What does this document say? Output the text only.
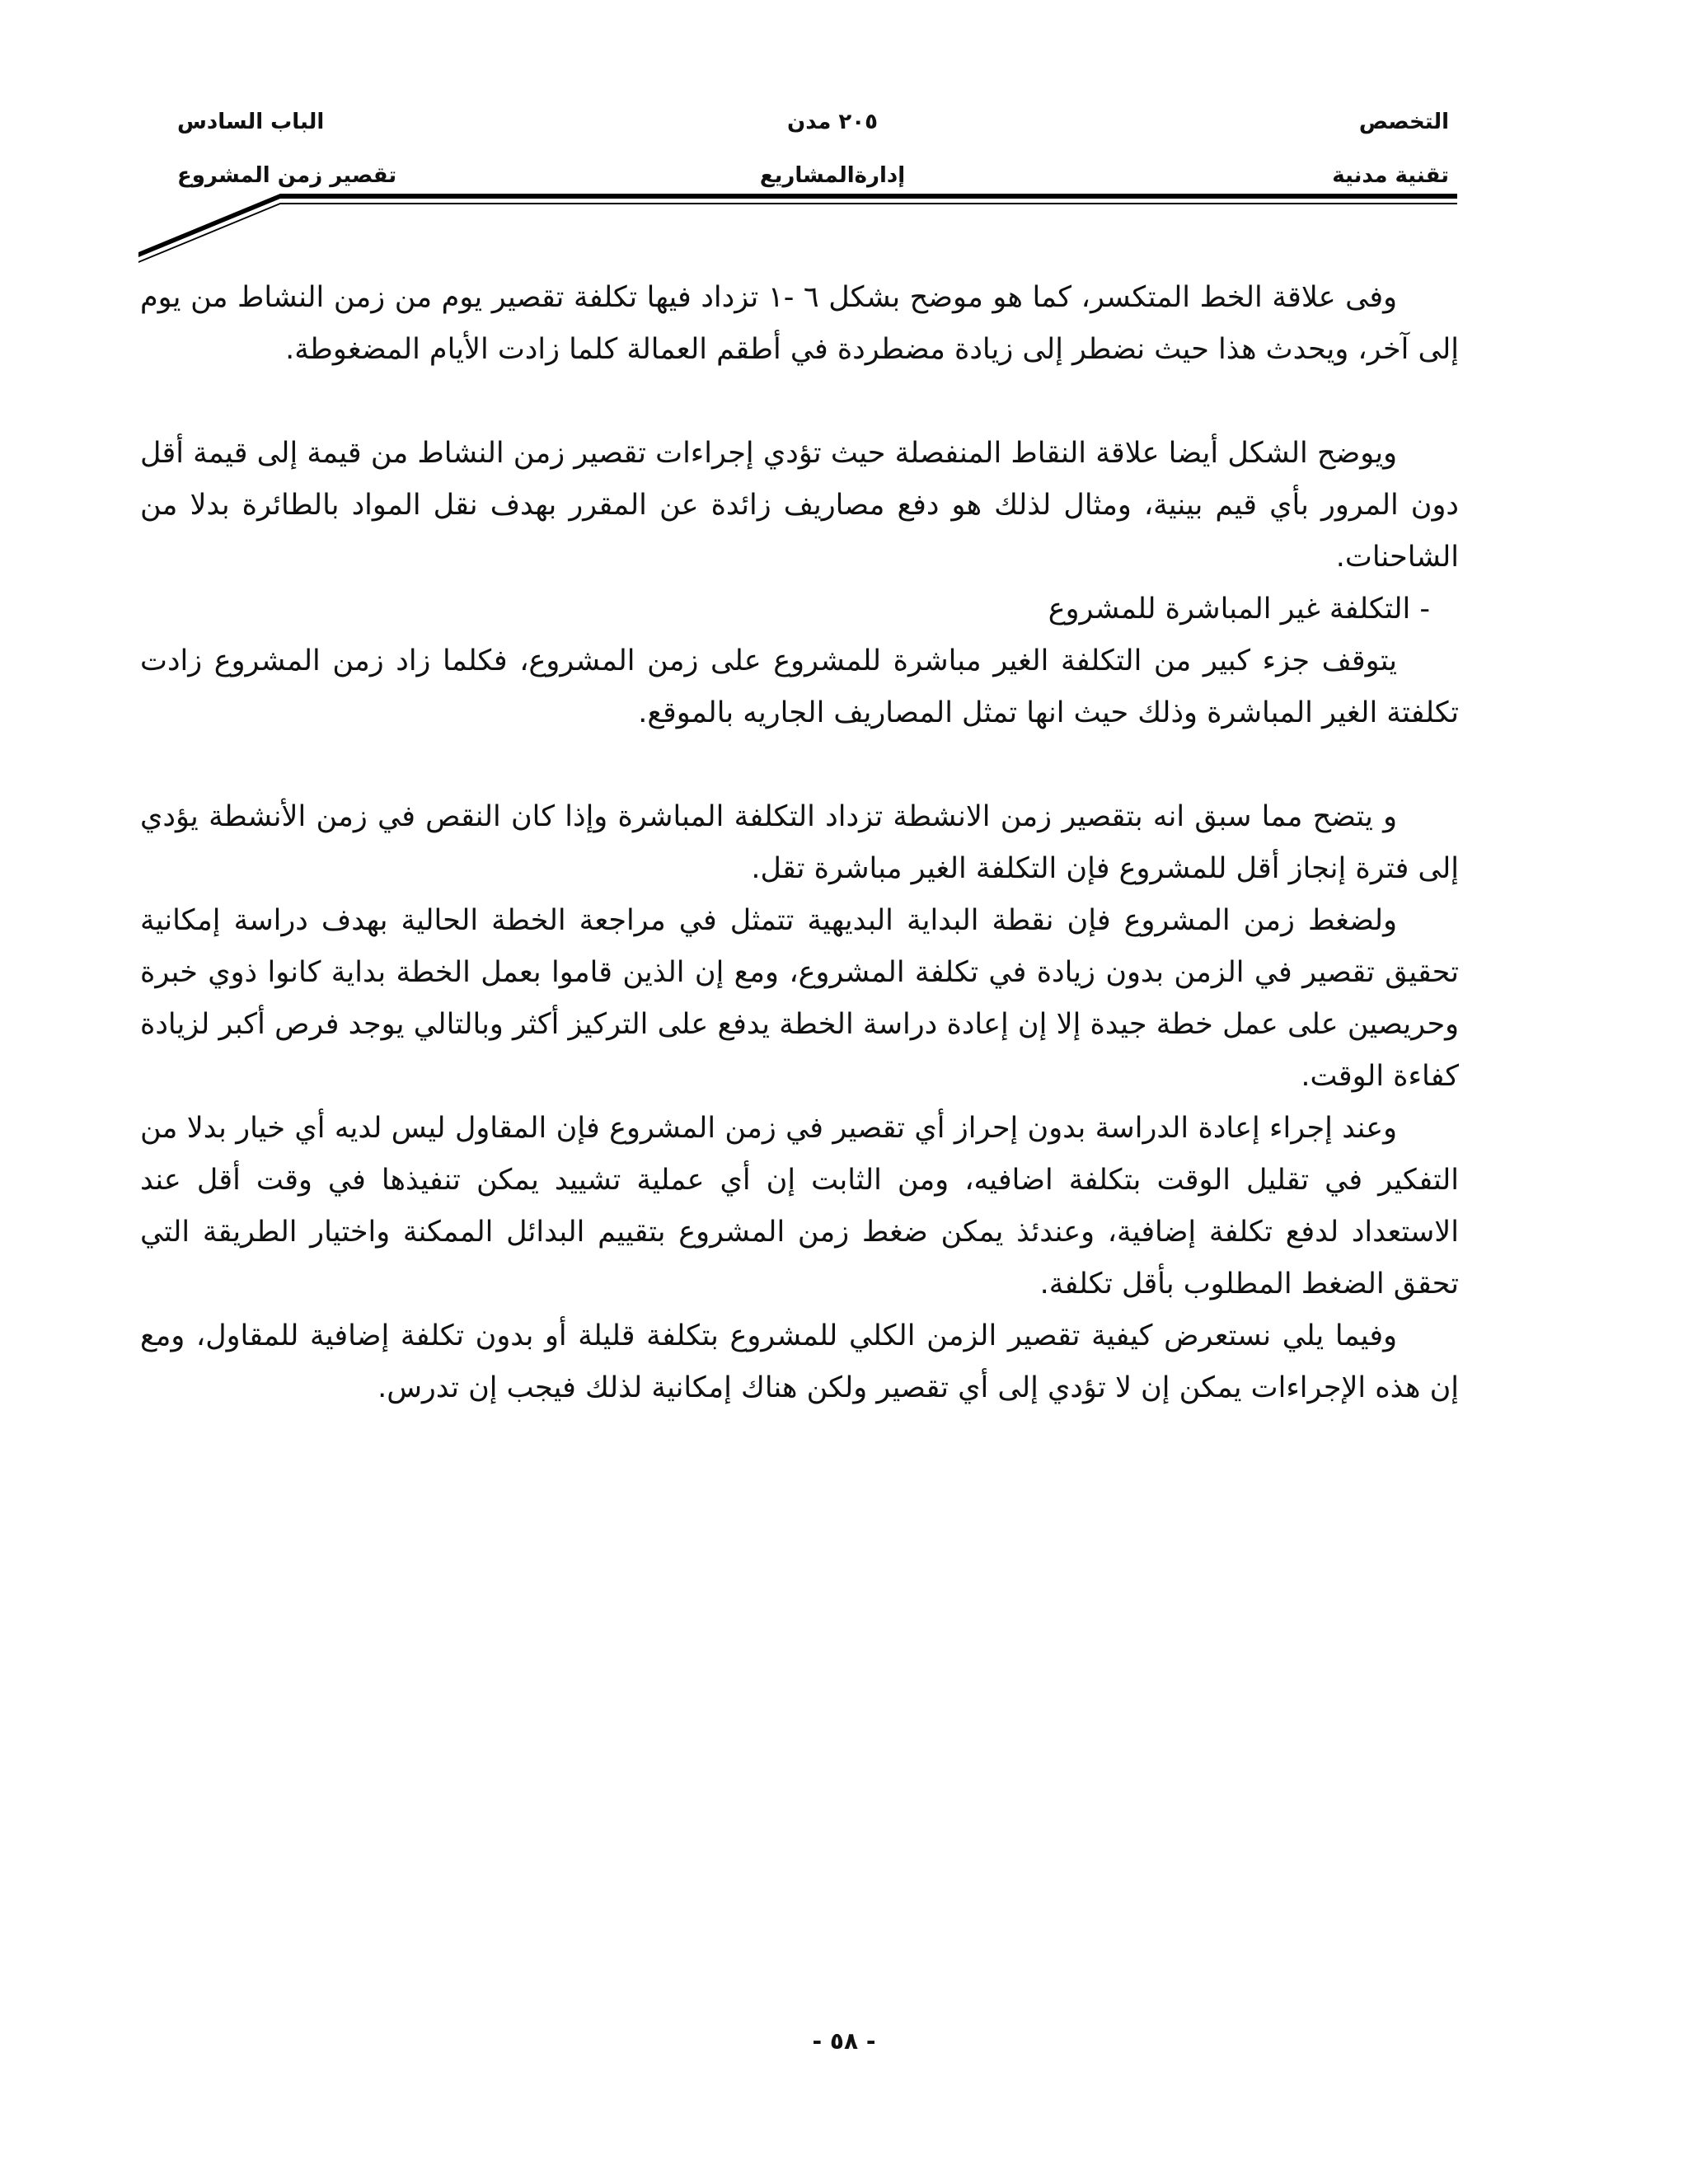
التخصص
تقنية مدنية
٢٠٥ مدن
إدارةالمشاريع
الباب السادس
تقصير زمن المشروع

وفى علاقة الخط المتكسر، كما هو موضح بشكل ٦ -١ تزداد فيها تكلفة تقصير يوم من زمن النشاط من يوم إلى آخر، ويحدث هذا حيث نضطر إلى زيادة مضطردة في أطقم العمالة كلما زادت الأيام المضغوطة.

ويوضح الشكل أيضا علاقة النقاط المنفصلة حيث تؤدي إجراءات تقصير زمن النشاط من قيمة إلى قيمة أقل دون المرور بأي قيم بينية، ومثال لذلك هو دفع مصاريف زائدة عن المقرر بهدف نقل المواد بالطائرة بدلا من الشاحنات.

- التكلفة غير المباشرة للمشروع

يتوقف جزء كبير من التكلفة الغير مباشرة للمشروع على زمن المشروع، فكلما زاد زمن المشروع زادت تكلفتة الغير المباشرة وذلك حيث انها تمثل المصاريف الجاريه بالموقع.

و يتضح مما سبق انه بتقصير زمن الانشطة تزداد التكلفة المباشرة وإذا كان النقص في زمن الأنشطة يؤدي إلى فترة إنجاز أقل للمشروع فإن التكلفة الغير مباشرة تقل.

ولضغط زمن المشروع فإن نقطة البداية البديهية تتمثل في مراجعة الخطة الحالية بهدف دراسة إمكانية تحقيق تقصير في الزمن بدون زيادة في تكلفة المشروع، ومع إن الذين قاموا بعمل الخطة بداية كانوا ذوي خبرة وحريصين على عمل خطة جيدة إلا إن إعادة دراسة الخطة يدفع على التركيز أكثر وبالتالي يوجد فرص أكبر لزيادة كفاءة الوقت.

وعند إجراء إعادة الدراسة بدون إحراز أي تقصير في زمن المشروع فإن المقاول ليس لديه أي خيار بدلا من التفكير في تقليل الوقت بتكلفة اضافيه، ومن الثابت إن أي عملية تشييد يمكن تنفيذها في وقت أقل عند الاستعداد لدفع تكلفة إضافية، وعندئذ يمكن ضغط زمن المشروع بتقييم البدائل الممكنة واختيار الطريقة التي تحقق الضغط المطلوب بأقل تكلفة.

وفيما يلي نستعرض كيفية تقصير الزمن الكلي للمشروع بتكلفة قليلة أو بدون تكلفة إضافية للمقاول، ومع إن هذه الإجراءات يمكن إن لا تؤدي إلى أي تقصير ولكن هناك إمكانية لذلك فيجب إن تدرس.

- ٥٨ -
